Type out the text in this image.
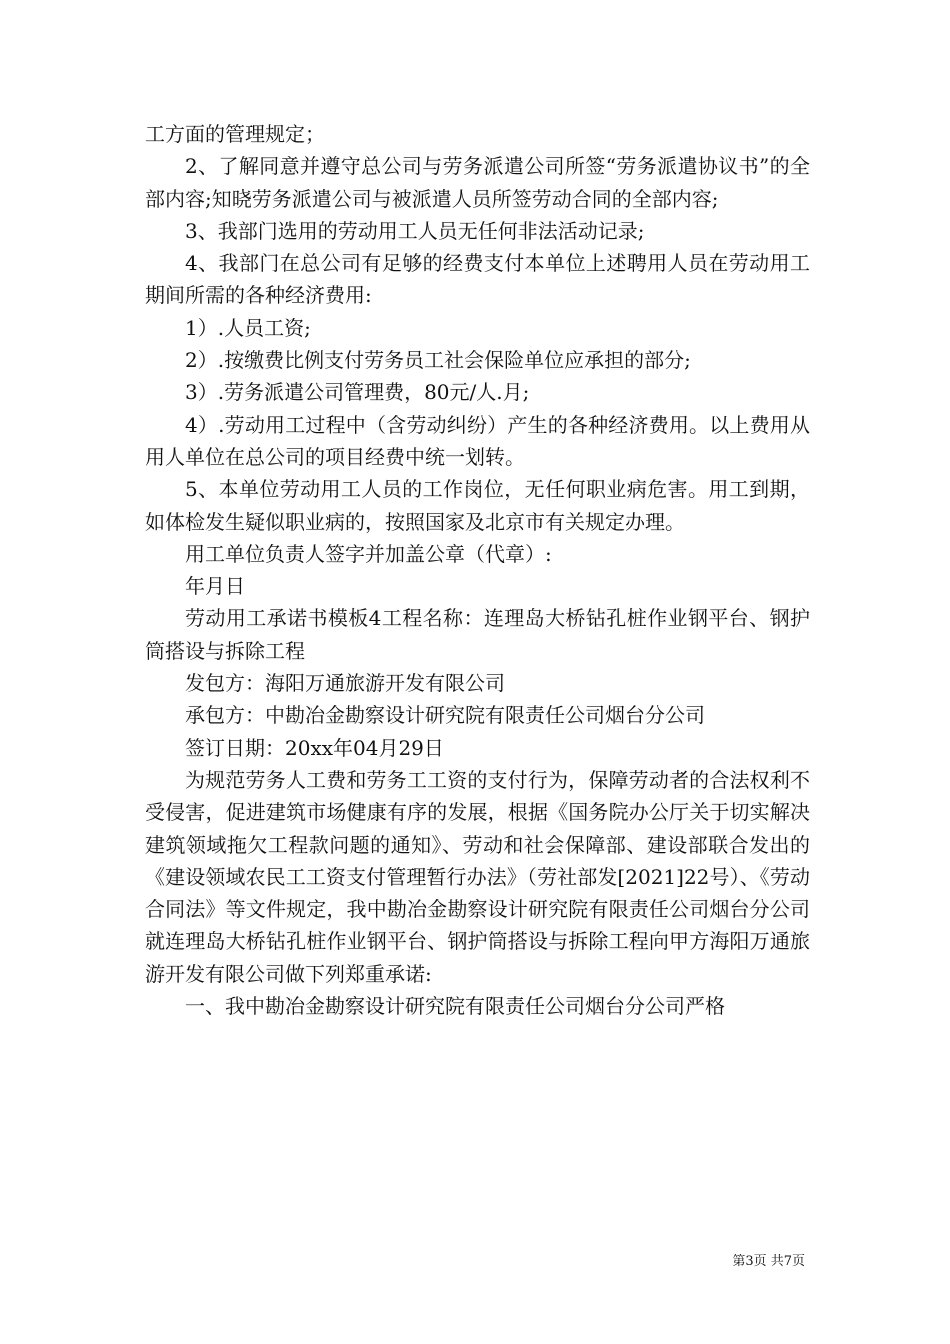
工方面的管理规定；

2、了解同意并遵守总公司与劳务派遣公司所签“劳务派遣协议书”的全部内容;知晓劳务派遣公司与被派遣人员所签劳动合同的全部内容;

3、我部门选用的劳动用工人员无任何非法活动记录;

4、我部门在总公司有足够的经费支付本单位上述聘用人员在劳动用工期间所需的各种经济费用:

1）.人员工资;

2）.按缴费比例支付劳务员工社会保险单位应承担的部分;

3）.劳务派遣公司管理费，80元/人.月;

4）.劳动用工过程中（含劳动纠纷）产生的各种经济费用。以上费用从用人单位在总公司的项目经费中统一划转。

5、本单位劳动用工人员的工作岗位，无任何职业病危害。用工到期，如体检发生疑似职业病的，按照国家及北京市有关规定办理。

用工单位负责人签字并加盖公章（代章）:

年月日

劳动用工承诺书模板4工程名称：连理岛大桥钻孔桩作业钢平台、钢护筒搭设与拆除工程

发包方：海阳万通旅游开发有限公司

承包方：中勘冶金勘察设计研究院有限责任公司烟台分公司

签订日期：20xx年04月29日

为规范劳务人工费和劳务工工资的支付行为，保障劳动者的合法权利不受侵害，促进建筑市场健康有序的发展，根据《国务院办公厅关于切实解决建筑领域拖欠工程款问题的通知》、劳动和社会保障部、建设部联合发出的《建设领域农民工工资支付管理暂行办法》（劳社部发[2021]22号）、《劳动合同法》等文件规定，我中勘冶金勘察设计研究院有限责任公司烟台分公司就连理岛大桥钻孔桩作业钢平台、钢护筒搭设与拆除工程向甲方海阳万通旅游开发有限公司做下列郑重承诺:

一、我中勘冶金勘察设计研究院有限责任公司烟台分公司严格

第3页 共7页
